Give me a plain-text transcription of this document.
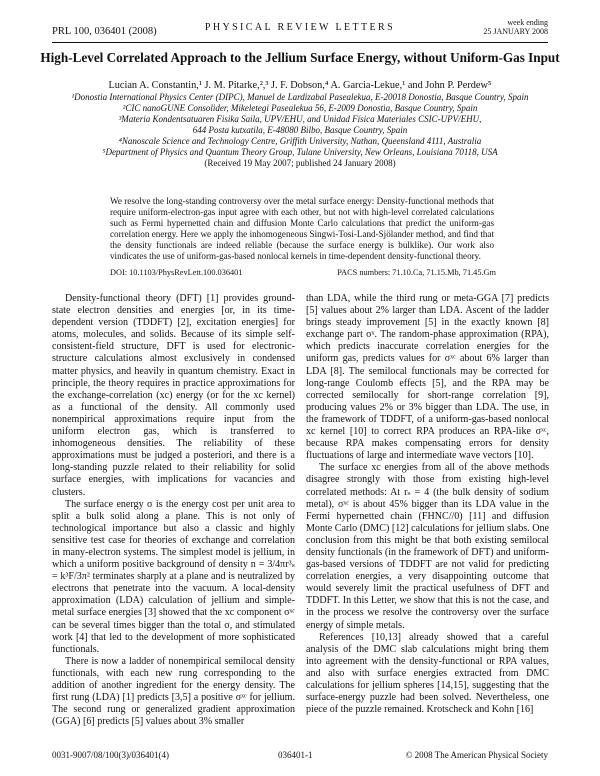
PRL 100, 036401 (2008)	PHYSICAL REVIEW LETTERS	week ending
25 JANUARY 2008
High-Level Correlated Approach to the Jellium Surface Energy, without Uniform-Gas Input
Lucian A. Constantin,¹ J. M. Pitarke,²,³ J. F. Dobson,⁴ A. Garcia-Lekue,¹ and John P. Perdew⁵
¹Donostia International Physics Center (DIPC), Manuel de Lardizabal Pasealekua, E-20018 Donostia, Basque Country, Spain
²CIC nanoGUNE Consolider, Mikeletegi Pasealekua 56, E-2009 Donostia, Basque Country, Spain
³Materia Kondentsatuaren Fisika Saila, UPV/EHU, and Unidad Física Materiales CSIC-UPV/EHU,
644 Posta kutxatila, E-48080 Bilbo, Basque Country, Spain
⁴Nanoscale Science and Technology Centre, Griffith University, Nathan, Queensland 4111, Australia
⁵Department of Physics and Quantum Theory Group, Tulane University, New Orleans, Louisiana 70118, USA
(Received 19 May 2007; published 24 January 2008)
We resolve the long-standing controversy over the metal surface energy: Density-functional methods that require uniform-electron-gas input agree with each other, but not with high-level correlated calculations such as Fermi hypernetted chain and diffusion Monte Carlo calculations that predict the uniform-gas correlation energy. Here we apply the inhomogeneous Singwi-Tosi-Land-Sjölander method, and find that the density functionals are indeed reliable (because the surface energy is bulklike). Our work also vindicates the use of uniform-gas-based nonlocal kernels in time-dependent density-functional theory.
DOI: 10.1103/PhysRevLett.100.036401	PACS numbers: 71.10.Ca, 71.15.Mb, 71.45.Gm

Density-functional theory (DFT) [1] provides ground-state electron densities and energies [or, in its time-dependent version (TDDFT) [2], excitation energies] for atoms, molecules, and solids. Because of its simple self-consistent-field structure, DFT is used for electronic-structure calculations almost exclusively in condensed matter physics, and heavily in quantum chemistry. Exact in principle, the theory requires in practice approximations for the exchange-correlation (xc) energy (or for the xc kernel) as a functional of the density. All commonly used nonempirical approximations require input from the uniform electron gas, which is transferred to inhomogeneous densities. The reliability of these approximations must be judged a posteriori, and there is a long-standing puzzle related to their reliability for solid surface energies, with implications for vacancies and clusters.

The surface energy σ is the energy cost per unit area to split a bulk solid along a plane. This is not only of technological importance but also a classic and highly sensitive test case for theories of exchange and correlation in many-electron systems. The simplest model is jellium, in which a uniform positive background of density n = 3/4πr³ₛ = k³F/3π² terminates sharply at a plane and is neutralized by electrons that penetrate into the vacuum. A local-density approximation (LDA) calculation of jellium and simple-metal surface energies [3] showed that the xc component σˣᶜ can be several times bigger than the total σ, and stimulated work [4] that led to the development of more sophisticated functionals.

There is now a ladder of nonempirical semilocal density functionals, with each new rung corresponding to the addition of another ingredient for the energy density. The first rung (LDA) [1] predicts [3,5] a positive σˣᶜ for jellium. The second rung or generalized gradient approximation (GGA) [6] predicts [5] values about 3% smaller

than LDA, while the third rung or meta-GGA [7] predicts [5] values about 2% larger than LDA. Ascent of the ladder brings steady improvement [5] in the exactly known [8] exchange part σˣ. The random-phase approximation (RPA), which predicts inaccurate correlation energies for the uniform gas, predicts values for σˣᶜ about 6% larger than LDA [8]. The semilocal functionals may be corrected for long-range Coulomb effects [5], and the RPA may be corrected semilocally for short-range correlation [9], producing values 2% or 3% bigger than LDA. The use, in the framework of TDDFT, of a uniform-gas-based nonlocal xc kernel [10] to correct RPA produces an RPA-like σˣᶜ, because RPA makes compensating errors for density fluctuations of large and intermediate wave vectors [10].

The surface xc energies from all of the above methods disagree strongly with those from existing high-level correlated methods: At rₛ = 4 (the bulk density of sodium metal), σˣᶜ is about 45% bigger than its LDA value in the Fermi hypernetted chain (FHNC//0) [11] and diffusion Monte Carlo (DMC) [12] calculations for jellium slabs. One conclusion from this might be that both existing semilocal density functionals (in the framework of DFT) and uniform-gas-based versions of TDDFT are not valid for predicting correlation energies, a very disappointing outcome that would severely limit the practical usefulness of DFT and TDDFT. In this Letter, we show that this is not the case, and in the process we resolve the controversy over the surface energy of simple metals.

References [10,13] already showed that a careful analysis of the DMC slab calculations might bring them into agreement with the density-functional or RPA values, and also with surface energies extracted from DMC calculations for jellium spheres [14,15], suggesting that the surface-energy puzzle had been solved. Nevertheless, one piece of the puzzle remained. Krotscheck and Kohn [16]

0031-9007/08/100(3)/036401(4)	036401-1	© 2008 The American Physical Society
